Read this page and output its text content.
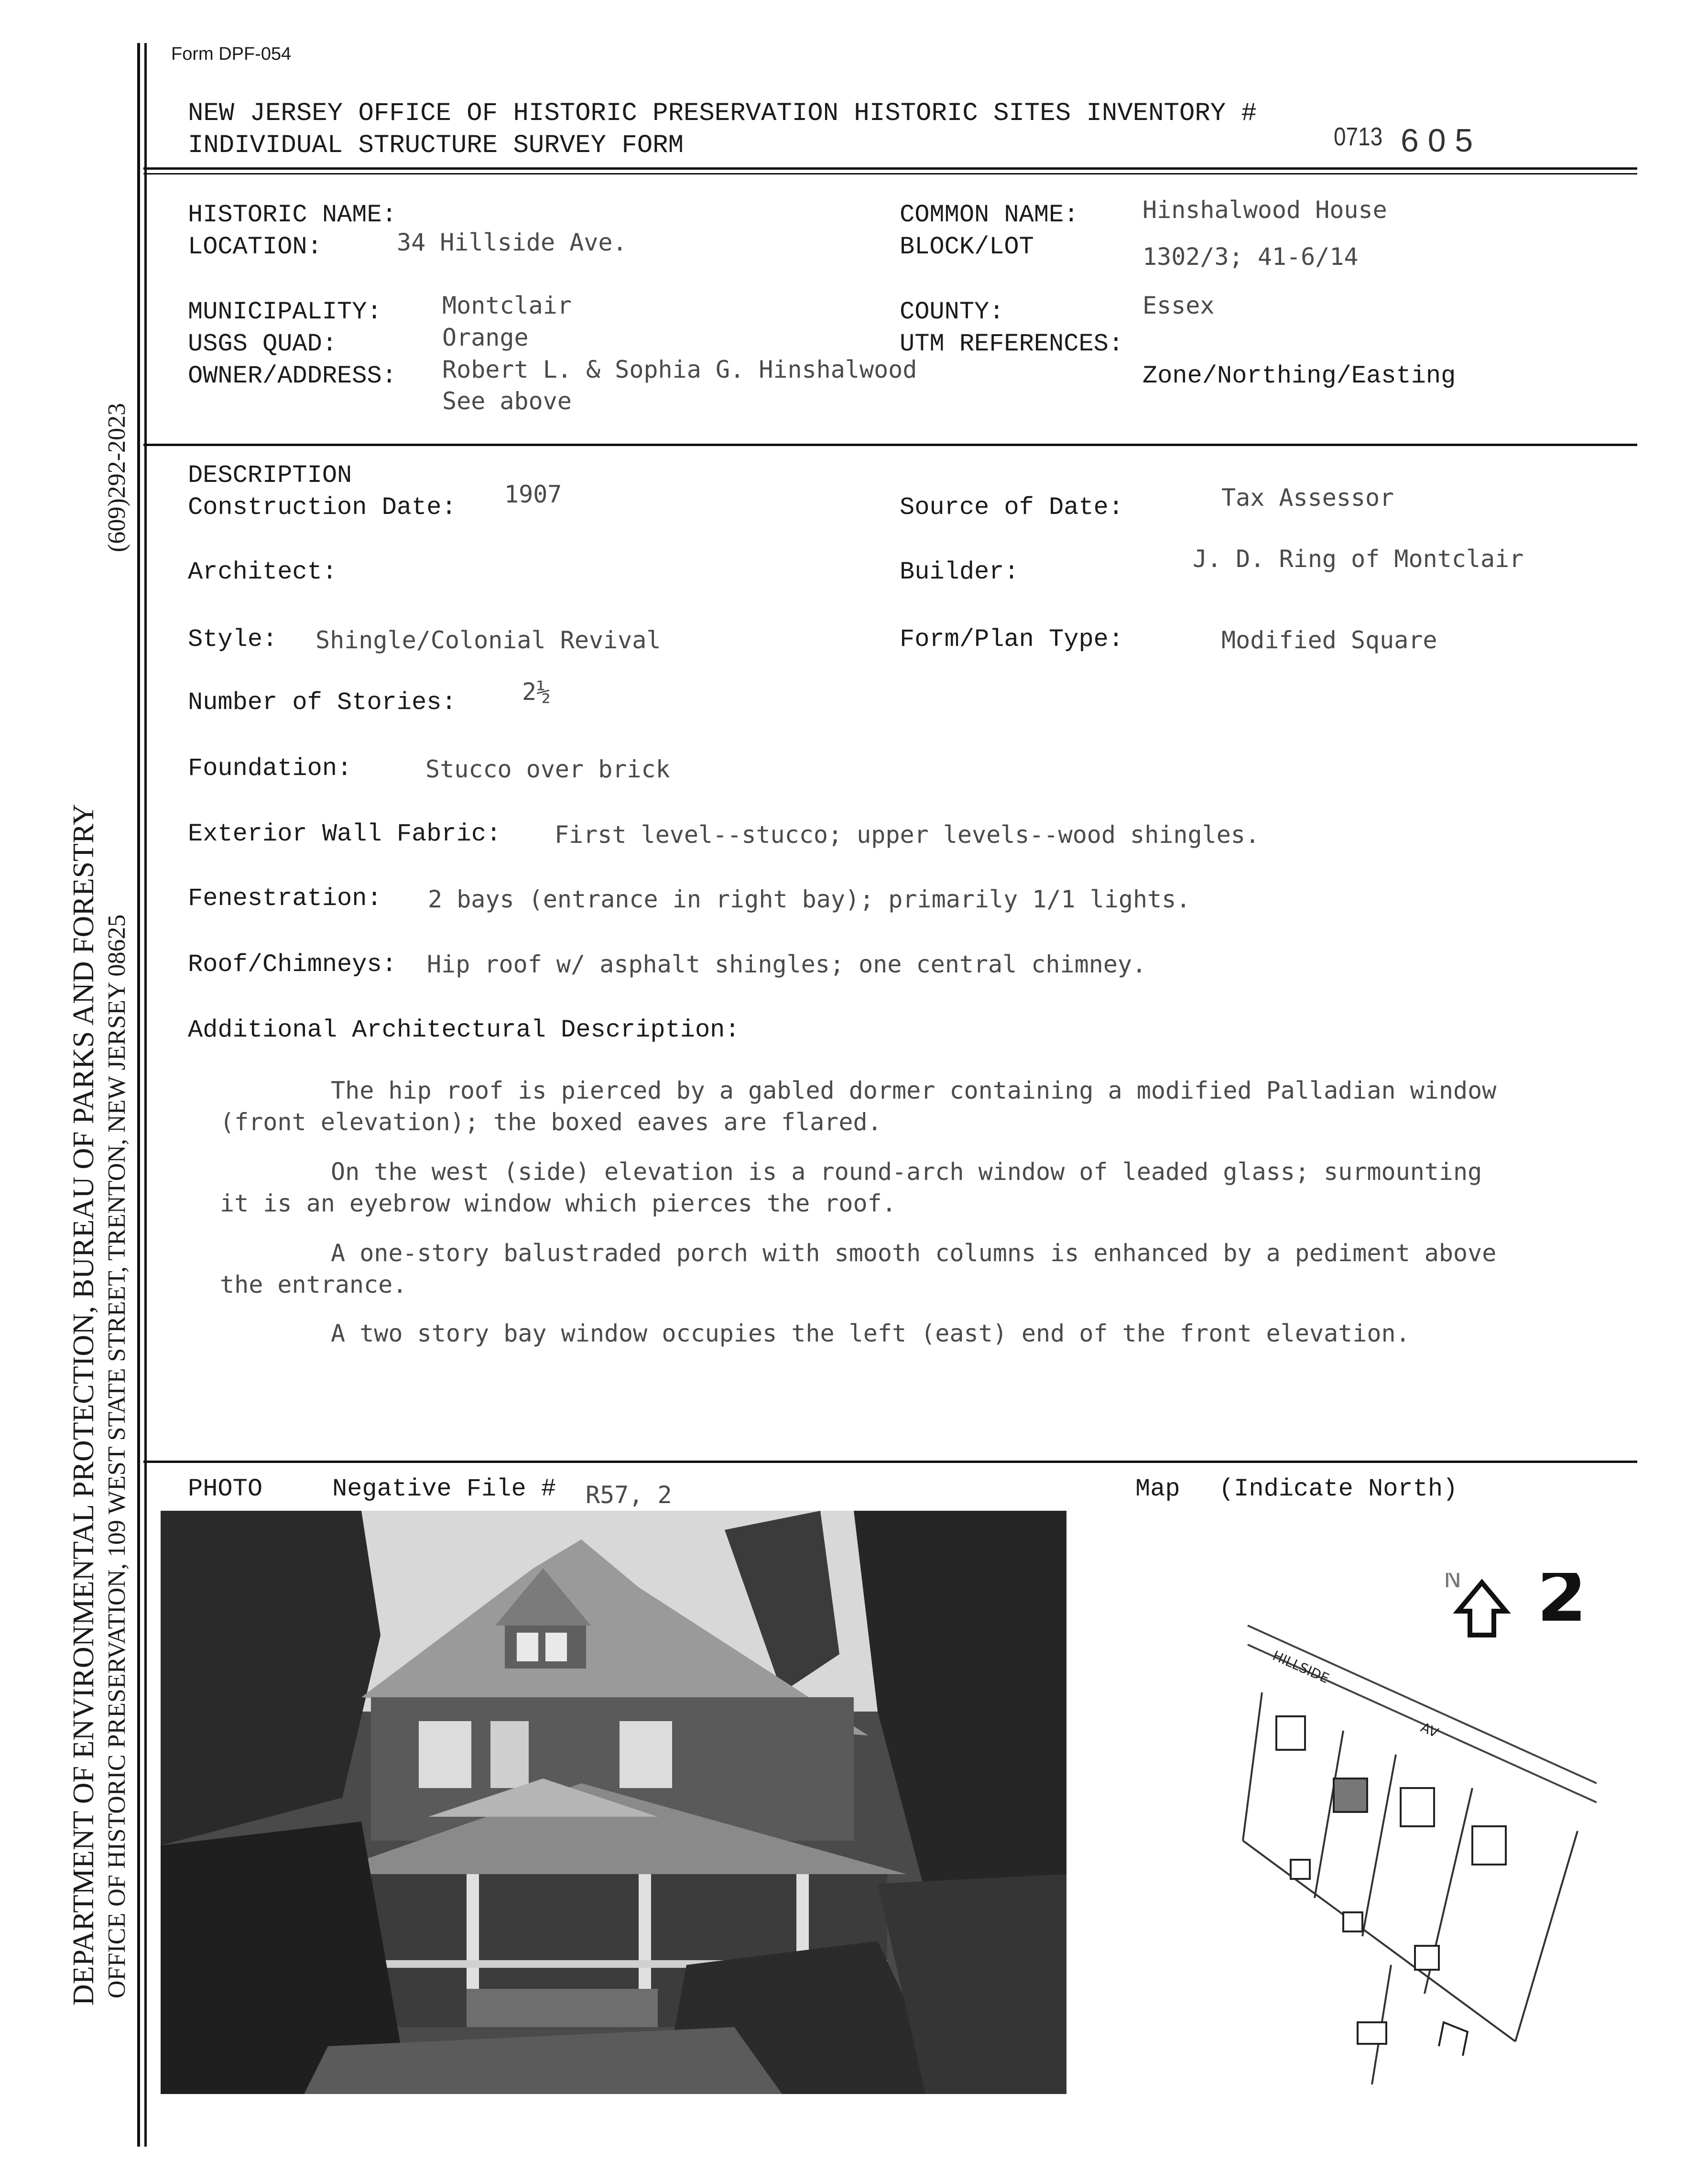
(609)292-2023
DEPARTMENT OF ENVIRONMENTAL PROTECTION, BUREAU OF PARKS AND FORESTRY OFFICE OF HISTORIC PRESERVATION, 109 WEST STATE STREET, TRENTON, NEW JERSEY 08625
Form DPF-054
NEW JERSEY OFFICE OF HISTORIC PRESERVATION HISTORIC SITES INVENTORY #
INDIVIDUAL STRUCTURE SURVEY FORM	0713 6 0 5
HISTORIC NAME:
LOCATION:	34 Hillside Ave.
MUNICIPALITY:	Montclair
USGS QUAD:	Orange
OWNER/ADDRESS: Robert L. & Sophia G. Hinshalwood
See above
COMMON NAME:	Hinshalwood House
BLOCK/LOT	1302/3; 41-6/14
COUNTY:	Essex
UTM REFERENCES:
Zone/Northing/Easting
DESCRIPTION
Construction Date: 1907	Source of Date:	Tax Assessor
Architect:	Builder:	J. D. Ring of Montclair
Style: Shingle/Colonial Revival	Form/Plan Type:	Modified Square
Number of Stories:	2½
Foundation:	Stucco over brick
Exterior Wall Fabric: First level--stucco; upper levels--wood shingles.
Fenestration: 2 bays (entrance in right bay); primarily 1/1 lights.
Roof/Chimneys: Hip roof w/ asphalt shingles; one central chimney.
Additional Architectural Description:
The hip roof is pierced by a gabled dormer containing a modified Palladian window (front elevation); the boxed eaves are flared.
On the west (side) elevation is a round-arch window of leaded glass; surmounting it is an eyebrow window which pierces the roof.
A one-story balustraded porch with smooth columns is enhanced by a pediment above the entrance.
A two story bay window occupies the left (east) end of the front elevation.
PHOTO	Negative File # R57, 2	Map (Indicate North)
N 2
HILLSIDE
AV
